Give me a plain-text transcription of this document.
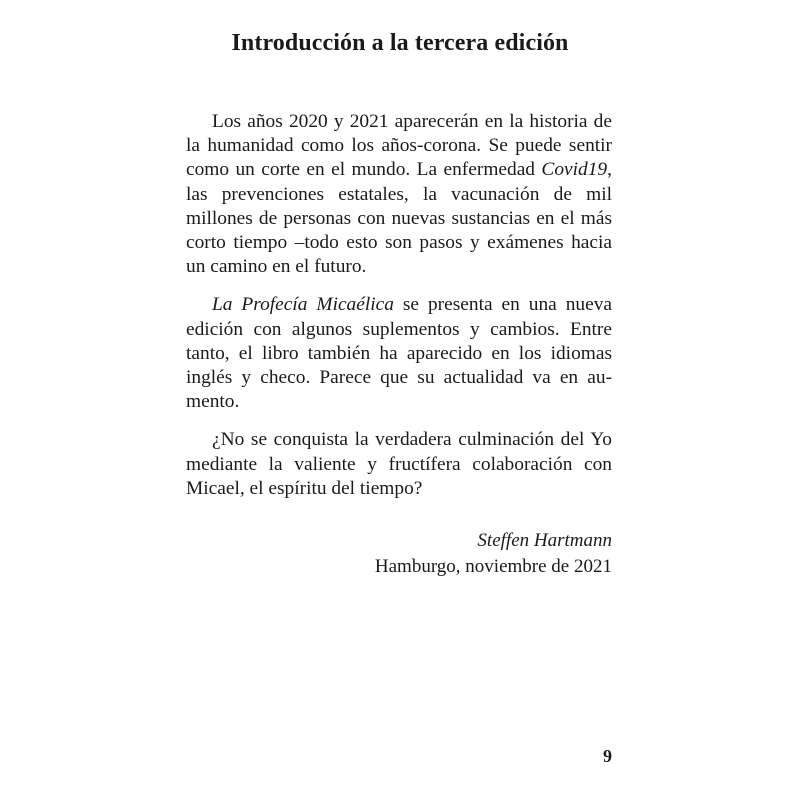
Introducción a la tercera edición

Los años 2020 y 2021 aparecerán en la historia de la humanidad como los años-corona. Se puede sentir como un corte en el mundo. La enfermedad Covid19, las prevenciones estatales, la vacunación de mil millones de personas con nuevas sustancias en el más corto tiempo –todo esto son pasos y exámenes hacia un camino en el futuro.

La Profecía Micaélica se presenta en una nueva edición con algunos suplementos y cambios. Entre tanto, el libro también ha aparecido en los idiomas inglés y checo. Parece que su actualidad va en aumento.

¿No se conquista la verdadera culminación del Yo mediante la valiente y fructífera colaboración con Micael, el espíritu del tiempo?

Steffen Hartmann
Hamburgo, noviembre de 2021
9
